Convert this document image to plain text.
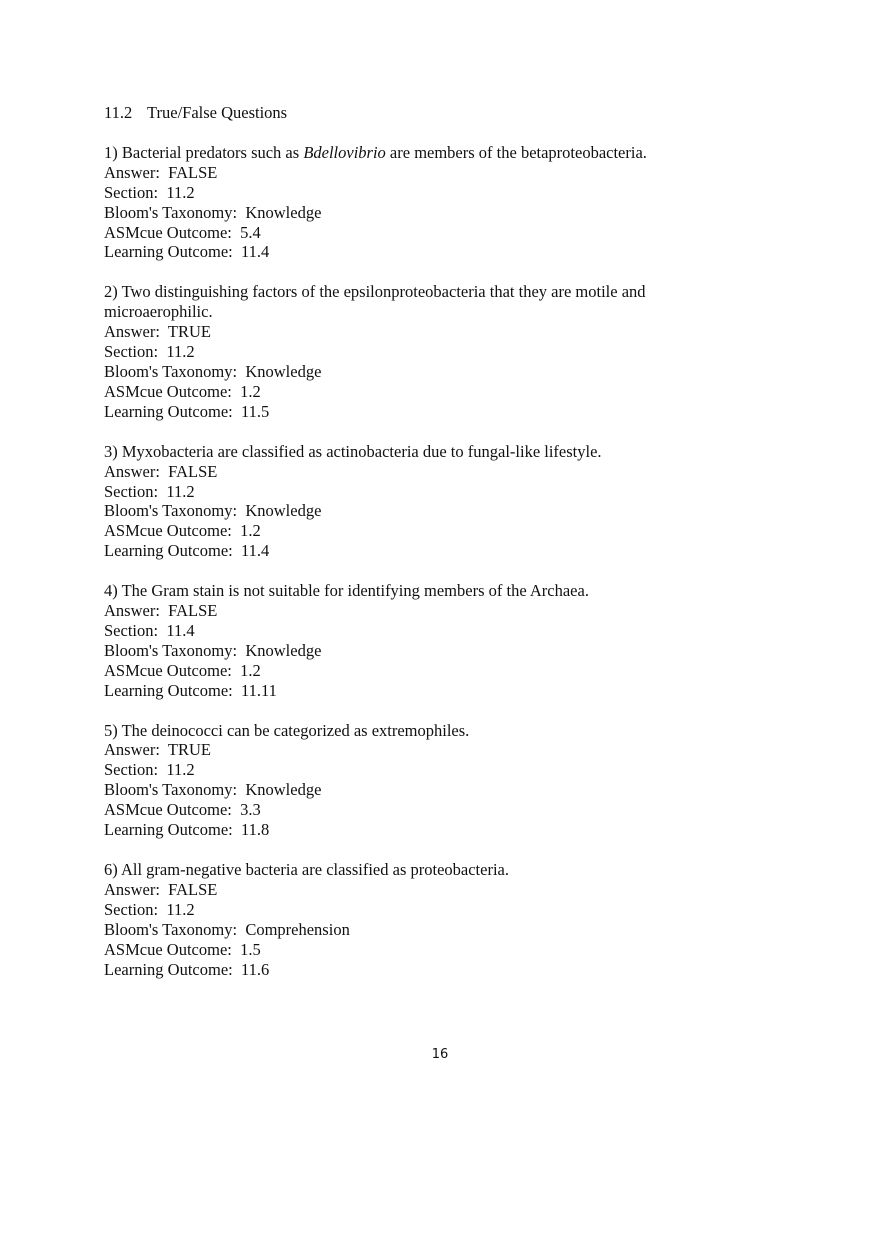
11.2 True/False Questions

1) Bacterial predators such as Bdellovibrio are members of the betaproteobacteria.

Answer: FALSE

Section: 11.2

Bloom's Taxonomy: Knowledge

ASMcue Outcome: 5.4

Learning Outcome: 11.4

2) Two distinguishing factors of the epsilonproteobacteria that they are motile and microaerophilic.

Answer: TRUE

Section: 11.2

Bloom's Taxonomy: Knowledge

ASMcue Outcome: 1.2

Learning Outcome: 11.5

3) Myxobacteria are classified as actinobacteria due to fungal-like lifestyle.

Answer: FALSE

Section: 11.2

Bloom's Taxonomy: Knowledge

ASMcue Outcome: 1.2

Learning Outcome: 11.4

4) The Gram stain is not suitable for identifying members of the Archaea.

Answer: FALSE

Section: 11.4

Bloom's Taxonomy: Knowledge

ASMcue Outcome: 1.2

Learning Outcome: 11.11

5) The deinococci can be categorized as extremophiles.

Answer: TRUE

Section: 11.2

Bloom's Taxonomy: Knowledge

ASMcue Outcome: 3.3

Learning Outcome: 11.8

6) All gram-negative bacteria are classified as proteobacteria.

Answer: FALSE

Section: 11.2

Bloom's Taxonomy: Comprehension

ASMcue Outcome: 1.5

Learning Outcome: 11.6

16
